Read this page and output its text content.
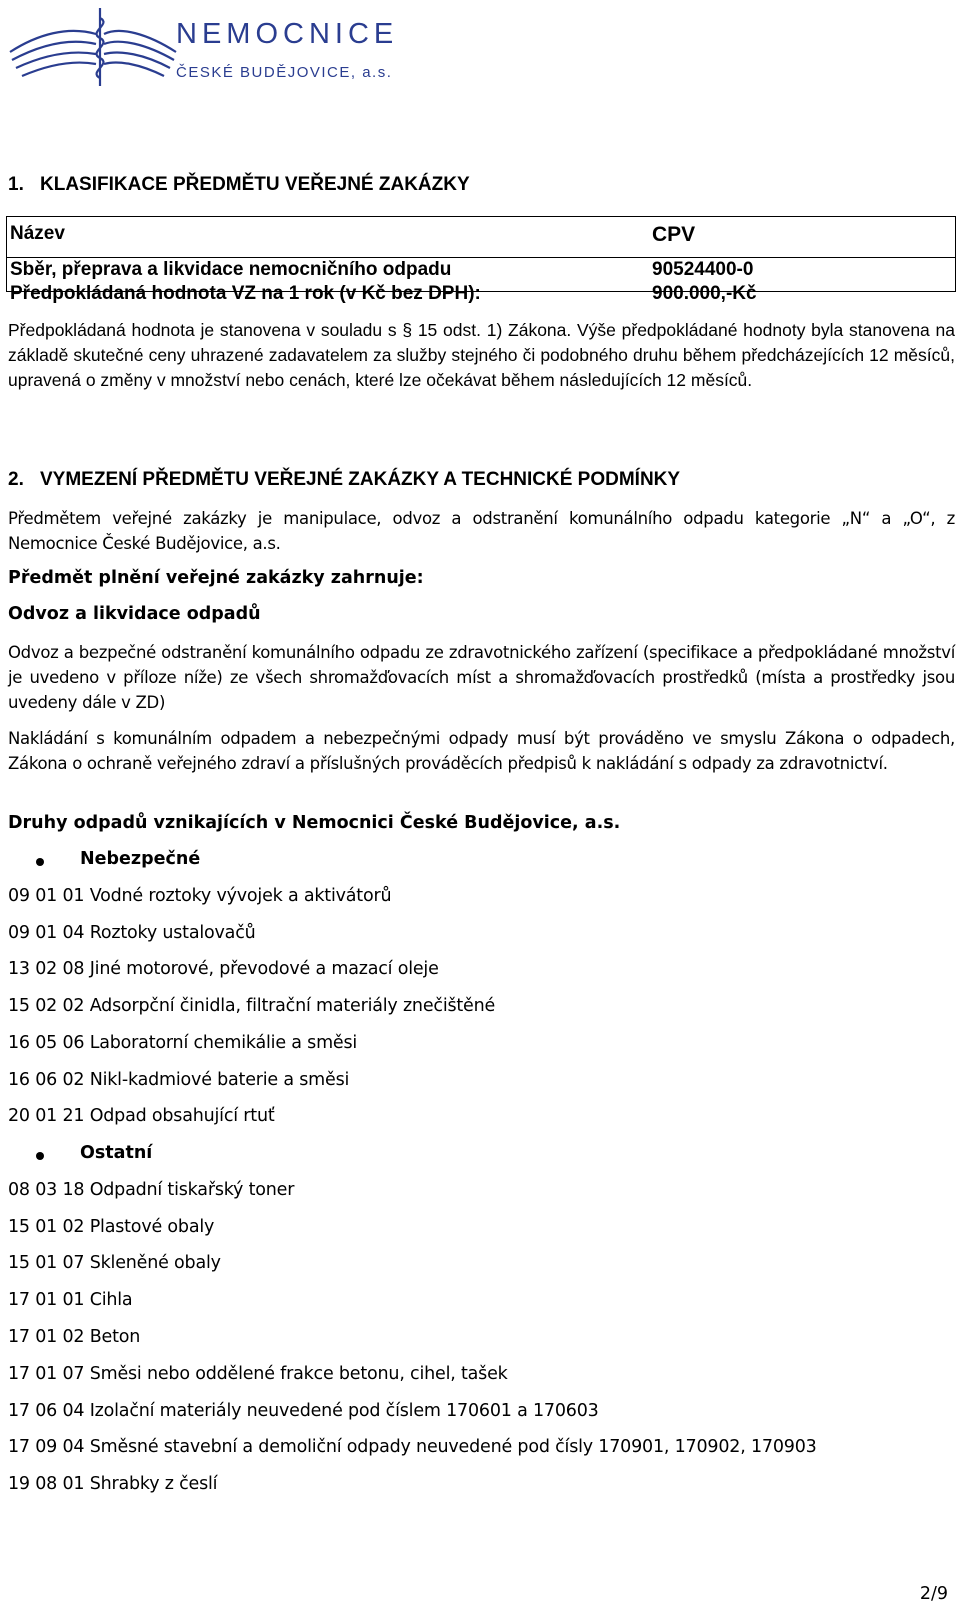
NEMOCNICE
ČESKÉ BUDĚJOVICE, a.s.
1. KLASIFIKACE PŘEDMĚTU VEŘEJNÉ ZAKÁZKY
Název	CPV
Sběr, přeprava a likvidace nemocničního odpadu	90524400-0
Předpokládaná hodnota VZ na 1 rok (v Kč bez DPH):	900.000,-Kč

Předpokládaná hodnota je stanovena v souladu s § 15 odst. 1) Zákona. Výše předpokládané hodnoty byla stanovena na základě skutečné ceny uhrazené zadavatelem za služby stejného či podobného druhu během předcházejících 12 měsíců, upravená o změny v množství nebo cenách, které lze očekávat během následujících 12 měsíců.

2. VYMEZENÍ PŘEDMĚTU VEŘEJNÉ ZAKÁZKY A TECHNICKÉ PODMÍNKY

Předmětem veřejné zakázky je manipulace, odvoz a odstranění komunálního odpadu kategorie „N“ a „O“, z Nemocnice České Budějovice, a.s.

Předmět plnění veřejné zakázky zahrnuje:
Odvoz a likvidace odpadů

Odvoz a bezpečné odstranění komunálního odpadu ze zdravotnického zařízení (specifikace a předpokládané množství je uvedeno v příloze níže) ze všech shromažďovacích míst a shromažďovacích prostředků (místa a prostředky jsou uvedeny dále v ZD)

Nakládání s komunálním odpadem a nebezpečnými odpady musí být prováděno ve smyslu Zákona o odpadech, Zákona o ochraně veřejného zdraví a příslušných prováděcích předpisů k nakládání s odpady za zdravotnictví.

Druhy odpadů vznikajících v Nemocnici České Budějovice, a.s.
Nebezpečné
09 01 01 Vodné roztoky vývojek a aktivátorů
09 01 04 Roztoky ustalovačů
13 02 08 Jiné motorové, převodové a mazací oleje
15 02 02 Adsorpční činidla, filtrační materiály znečištěné
16 05 06 Laboratorní chemikálie a směsi
16 06 02 Nikl-kadmiové baterie a směsi
20 01 21 Odpad obsahující rtuť
Ostatní
08 03 18 Odpadní tiskařský toner
15 01 02 Plastové obaly
15 01 07 Skleněné obaly
17 01 01 Cihla
17 01 02 Beton
17 01 07 Směsi nebo oddělené frakce betonu, cihel, tašek
17 06 04 Izolační materiály neuvedené pod číslem 170601 a 170603
17 09 04 Směsné stavební a demoliční odpady neuvedené pod čísly 170901, 170902, 170903
19 08 01 Shrabky z česlí
2/9
